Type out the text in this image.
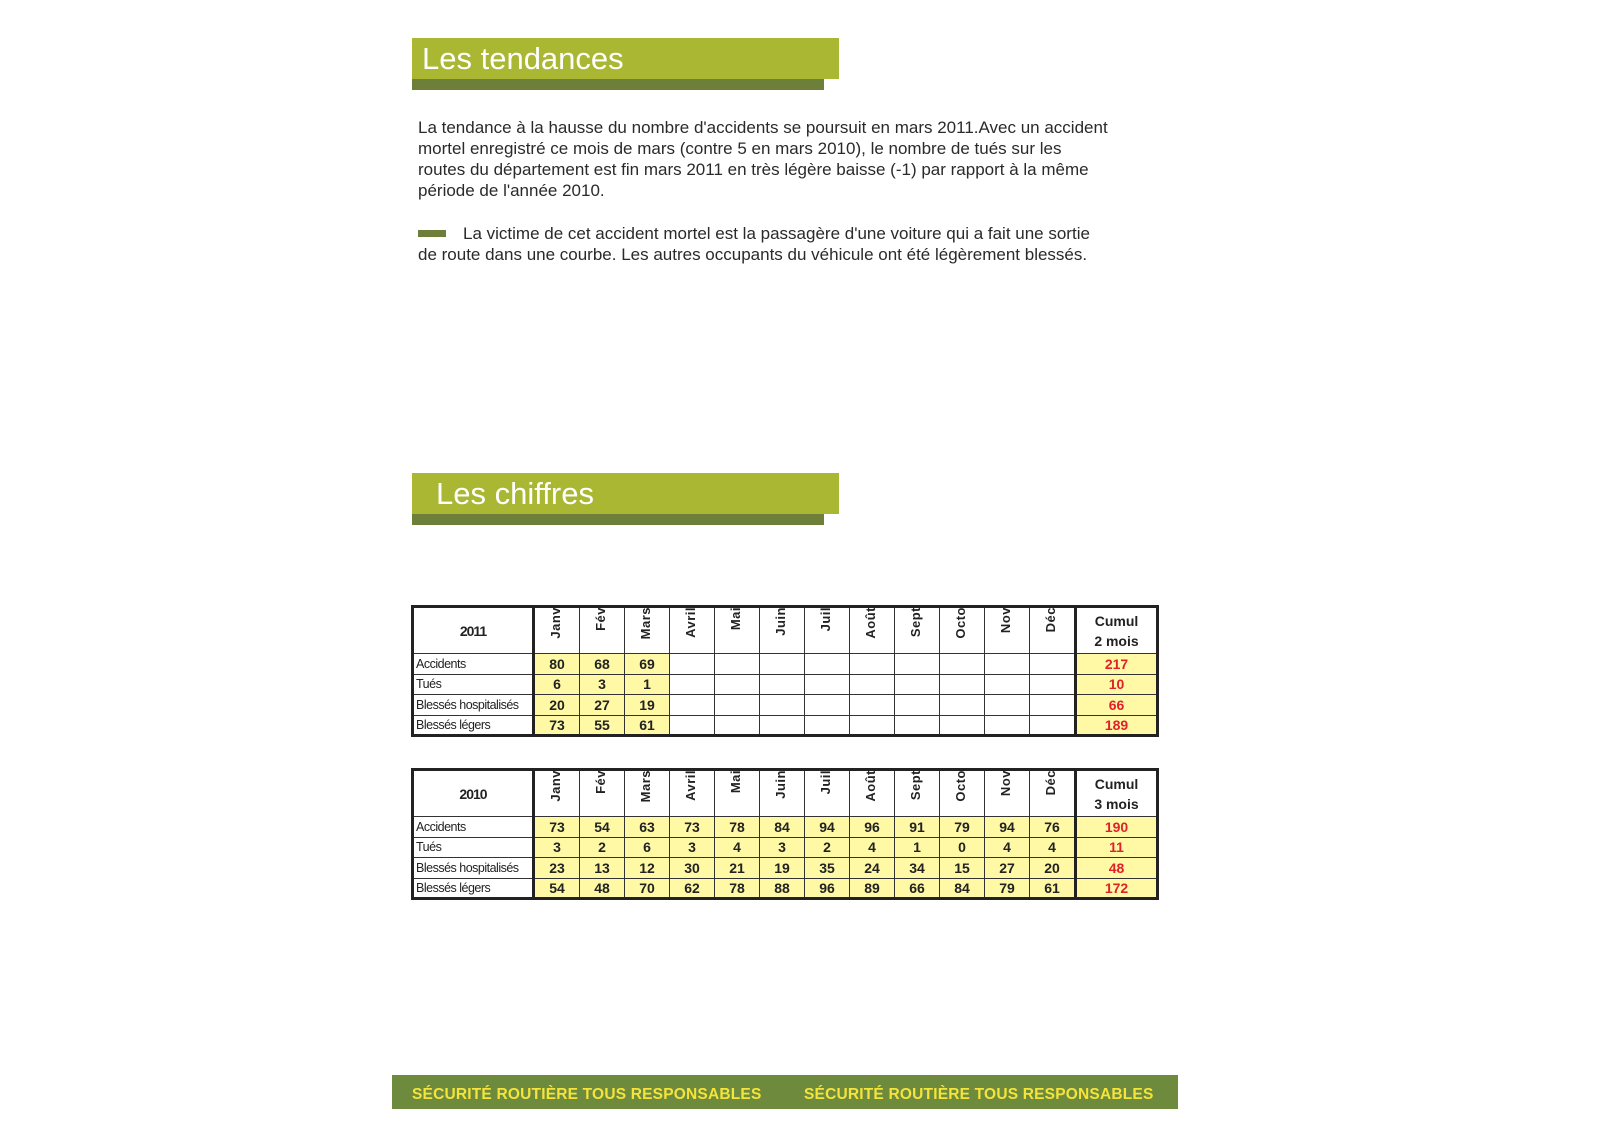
Les tendances

La tendance à la hausse du nombre d'accidents se poursuit en mars 2011.Avec un accident mortel enregistré ce mois de mars (contre 5 en mars 2010), le nombre de tués sur les routes du département est fin mars 2011 en très légère baisse (-1) par rapport à la même période de l'année 2010.

La victime de cet accident mortel est la passagère d'une voiture qui a fait une sortie de route dans une courbe. Les autres occupants du véhicule ont été légèrement blessés.

Les chiffres
2011	Janv	Fév	Mars	Avril	Mai	Juin	Juil	Août	Sept	Octo	Nov	Déc	Cumul
2 mois

Accidents	80	68	69										217
Tués	6	3	1										10
Blessés hospitalisés	20	27	19										66
Blessés légers	73	55	61										189
2010	Janv	Fév	Mars	Avril	Mai	Juin	Juil	Août	Sept	Octo	Nov	Déc	Cumul
3 mois

Accidents	73	54	63	73	78	84	94	96	91	79	94	76	190
Tués	3	2	6	3	4	3	2	4	1	0	4	4	11
Blessés hospitalisés	23	13	12	30	21	19	35	24	34	15	27	20	48
Blessés légers	54	48	70	62	78	88	96	89	66	84	79	61	172
SÉCURITÉ ROUTIÈRE TOUS RESPONSABLES	SÉCURITÉ ROUTIÈRE TOUS RESPONSABLES
